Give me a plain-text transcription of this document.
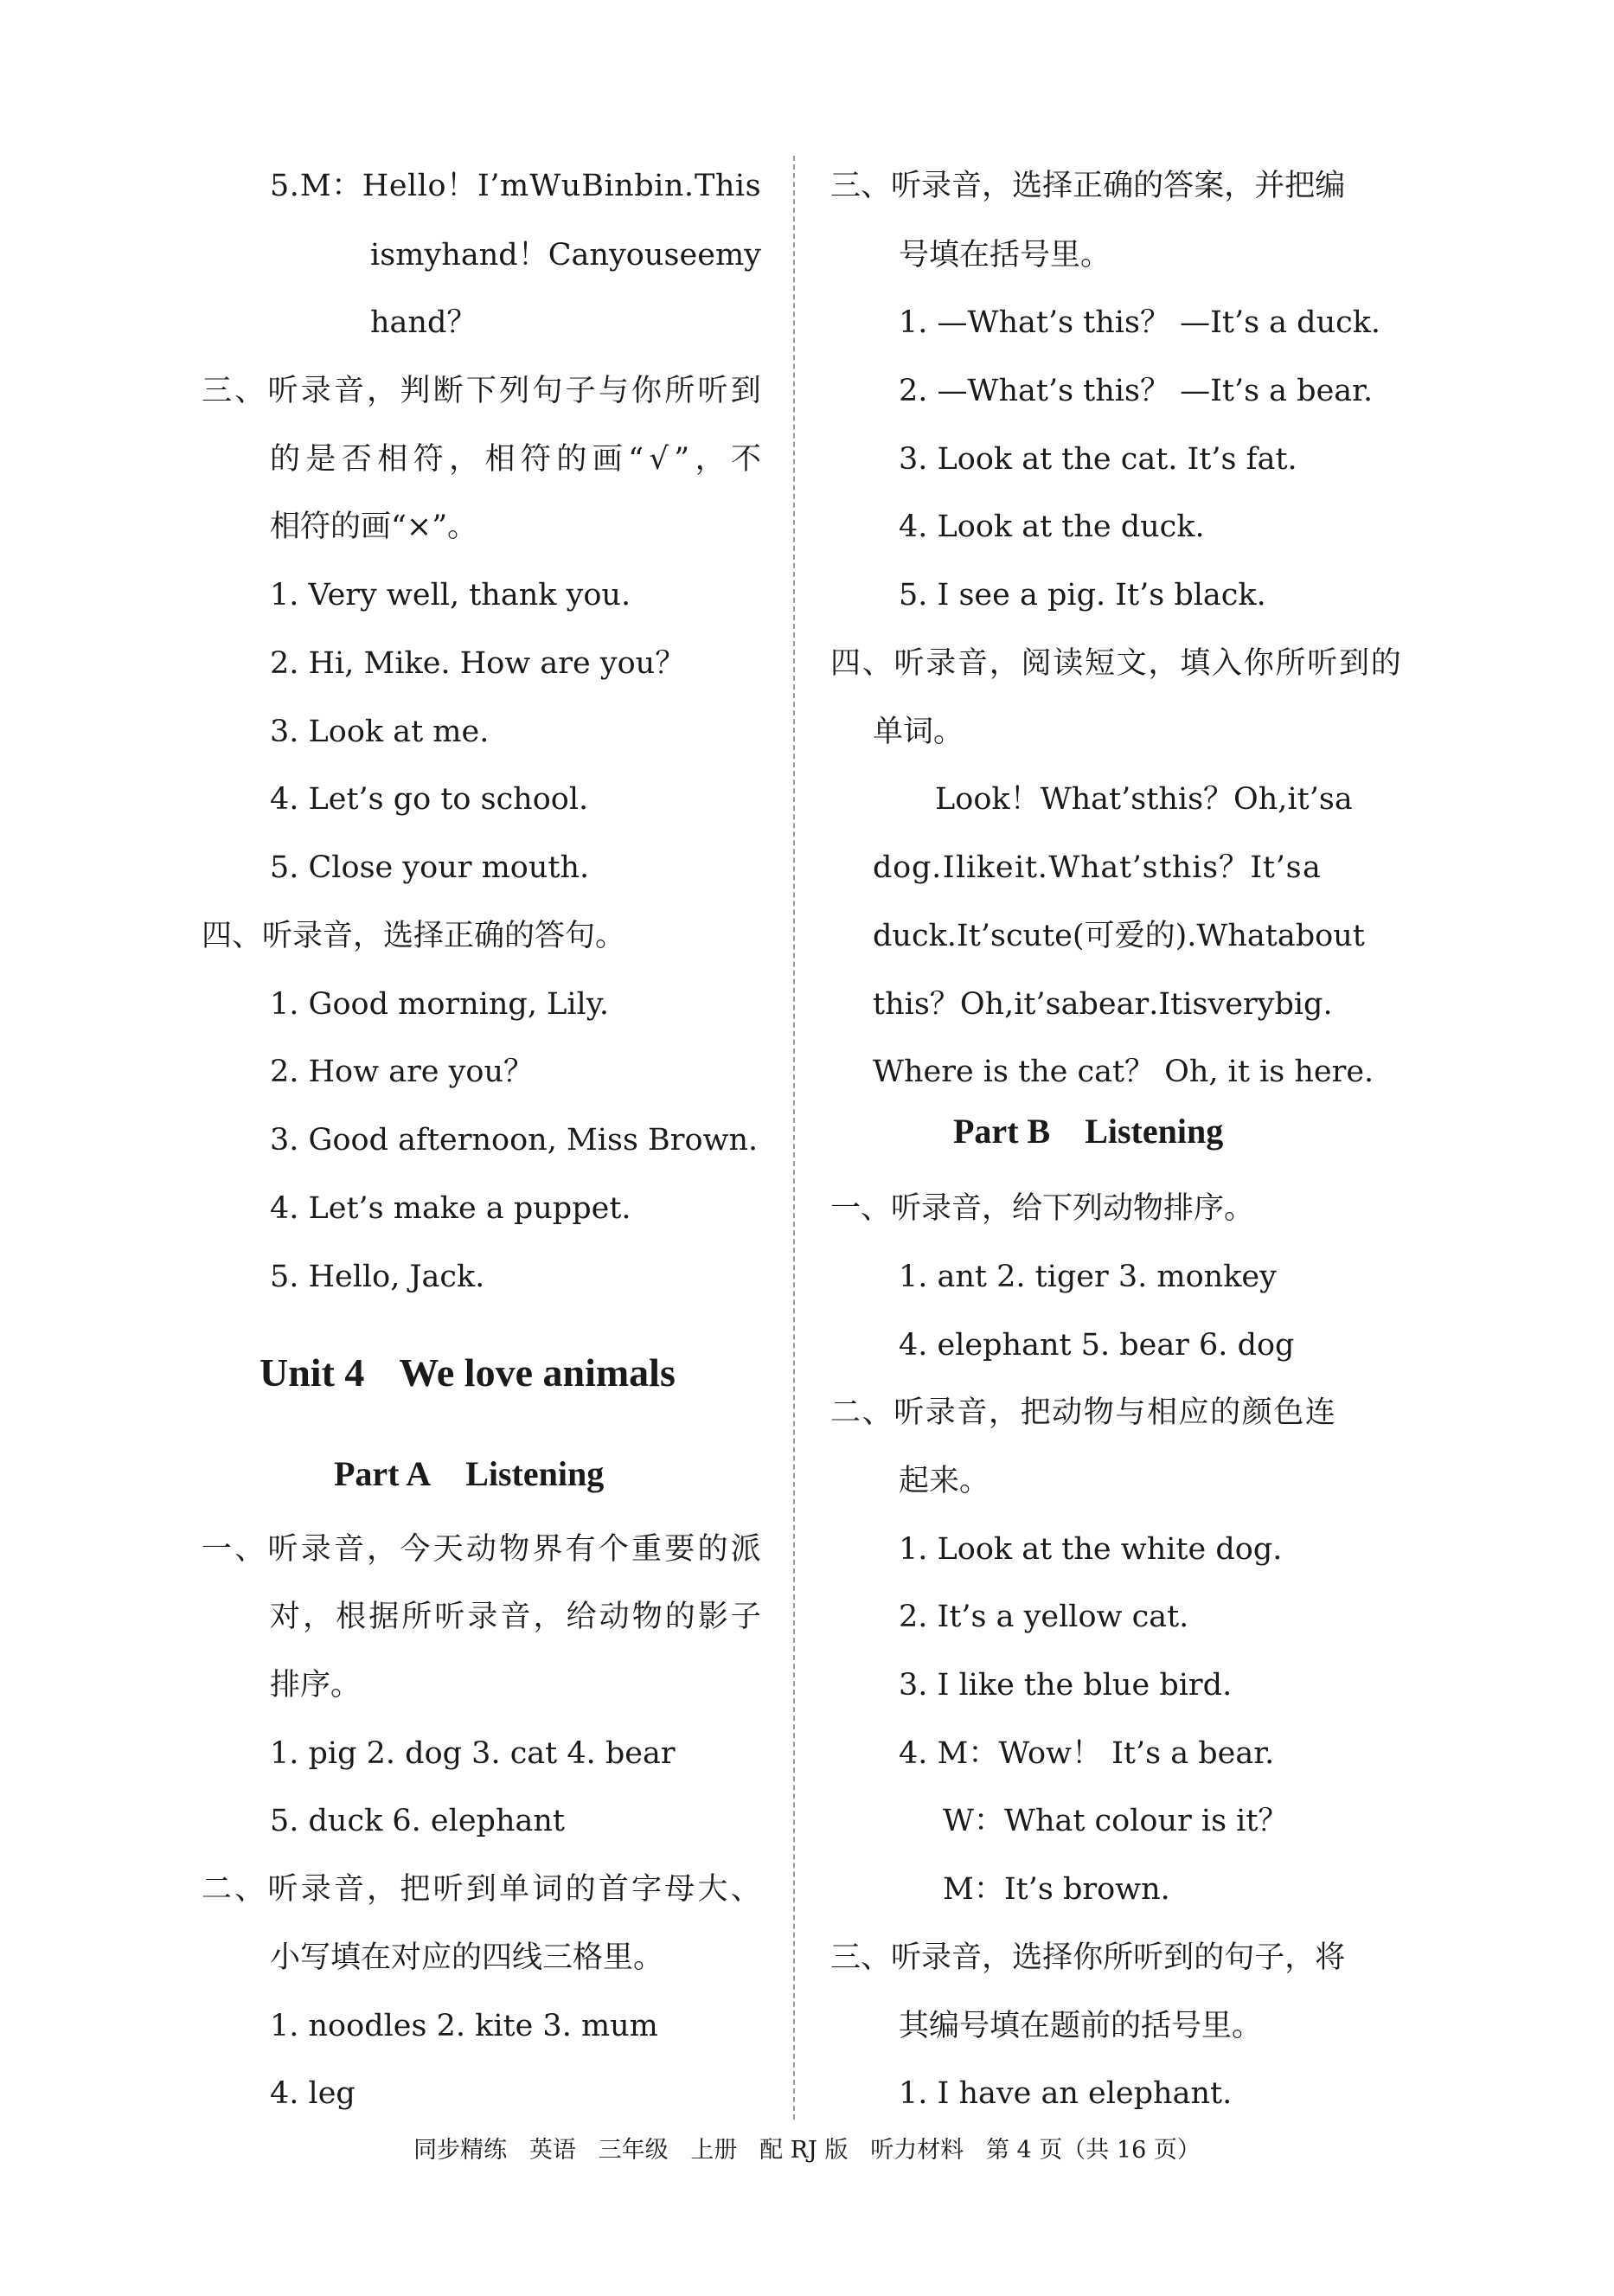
5 . M ： H e l l o ！ I ’ m W u B i n b i n . T h i s
i s m y h a n d ！ C a n y o u s e e m y
hand？
三 、 听 录 音 ， 判 断 下 列 句 子 与 你 所 听 到
的 是 否 相 符 ， 相 符 的 画 “ √ ” ， 不
相符的画“×”。
1. Very well, thank you.
2. Hi, Mike. How are you？
3. Look at me.
4. Let’s go to school.
5. Close your mouth.
四、听录音，选择正确的答句。
1. Good morning, Lily.
2. How are you？
3. Good afternoon, Miss Brown.
4. Let’s make a puppet.
5. Hello, Jack.
Unit 4 We love animals
Part A Listening
一 、 听 录 音 ， 今 天 动 物 界 有 个 重 要 的 派
对 ， 根 据 所 听 录 音 ， 给 动 物 的 影 子
排序。
1. pig 2. dog 3. cat 4. bear
5. duck 6. elephant
二 、 听 录 音 ， 把 听 到 单 词 的 首 字 母 大 、
小写填在对应的四线三格里。
1. noodles 2. kite 3. mum
4. leg
三 、 听 录 音 ， 选 择 正 确 的 答 案 ， 并 把 编
号填在括号里。
1. —What’s this？ —It’s a duck.
2. —What’s this？ —It’s a bear.
3. Look at the cat. It’s fat.
4. Look at the duck.
5. I see a pig. It’s black.
四 、 听 录 音 ， 阅 读 短 文 ， 填 入 你 所 听 到 的
单词。
L o o k ！ W h a t ’ s t h i s ？ O h , i t ’ s a
d o g . I l i k e i t . W h a t ’ s t h i s ？ I t ’ s a
d u c k . I t ’ s c u t e ( 可 爱 的 ) . W h a t a b o u t
t h i s ？ O h , i t ’ s a b e a r . I t i s v e r y b i g .
Where is the cat？ Oh, it is here.
Part B Listening
一、听录音，给下列动物排序。
1. ant 2. tiger 3. monkey
4. elephant 5. bear 6. dog
二 、 听 录 音 ， 把 动 物 与 相 应 的 颜 色 连
起来。
1. Look at the white dog.
2. It’s a yellow cat.
3. I like the blue bird.
4. M：Wow！ It’s a bear.
W：What colour is it？
M：It’s brown.
三 、 听 录 音 ， 选 择 你 所 听 到 的 句 子 ， 将
其编号填在题前的括号里。
1. I have an elephant.
同步精练   英语   三年级   上册   配 RJ 版   听力材料   第 4 页（共 16 页）
